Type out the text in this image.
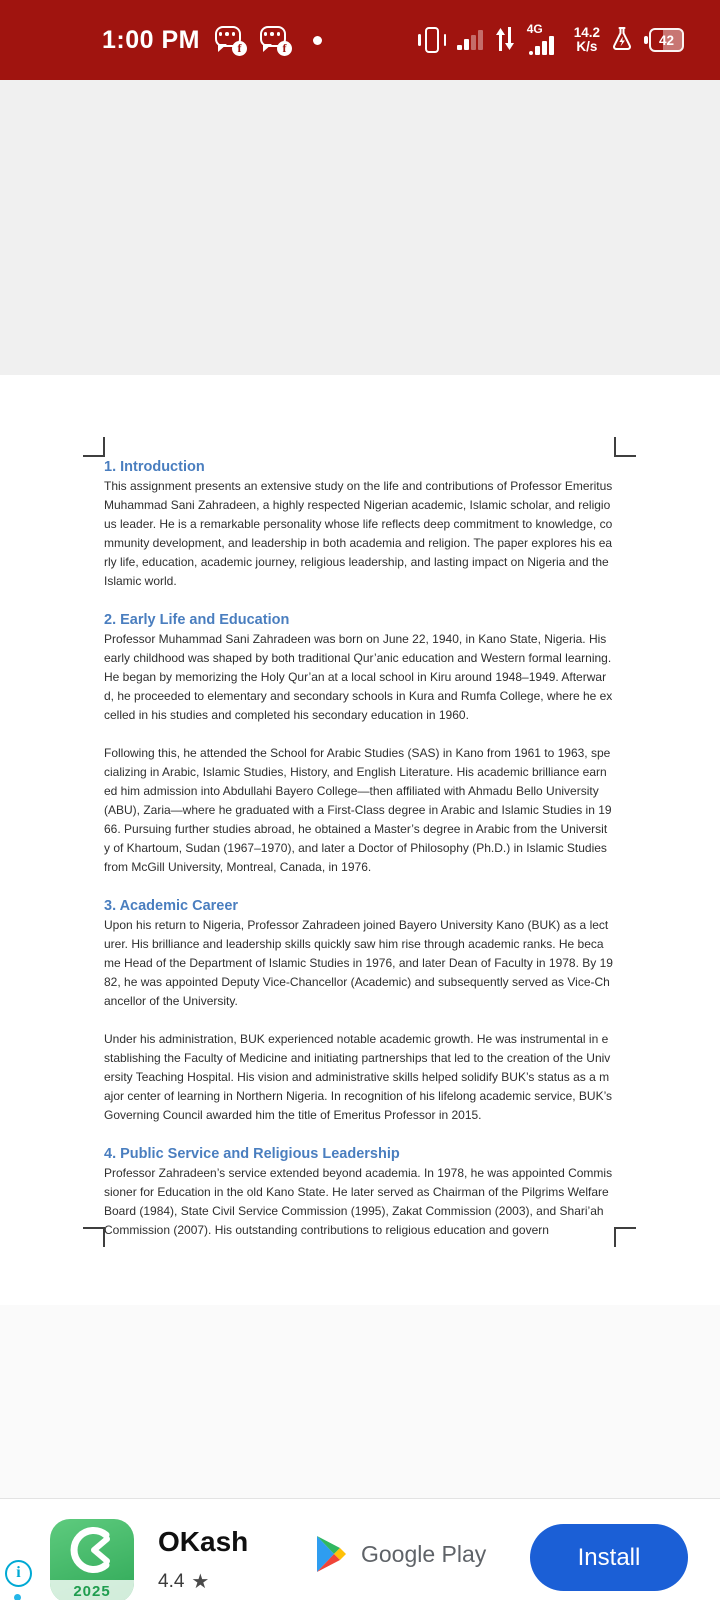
1:00 PM	f	f
4G 14.2
K/s	42
1. Introduction

This assignment presents an extensive study on the life and contributions of Professor Emeritus Muhammad Sani Zahradeen, a highly respected Nigerian academic, Islamic scholar, and religious leader. He is a remarkable personality whose life reflects deep commitment to knowledge, community development, and leadership in both academia and religion. The paper explores his early life, education, academic journey, religious leadership, and lasting impact on Nigeria and the Islamic world.

2. Early Life and Education

Professor Muhammad Sani Zahradeen was born on June 22, 1940, in Kano State, Nigeria. His early childhood was shaped by both traditional Qur’anic education and Western formal learning. He began by memorizing the Holy Qur’an at a local school in Kiru around 1948–1949. Afterward, he proceeded to elementary and secondary schools in Kura and Rumfa College, where he excelled in his studies and completed his secondary education in 1960.

Following this, he attended the School for Arabic Studies (SAS) in Kano from 1961 to 1963, specializing in Arabic, Islamic Studies, History, and English Literature. His academic brilliance earned him admission into Abdullahi Bayero College—then affiliated with Ahmadu Bello University (ABU), Zaria—where he graduated with a First-Class degree in Arabic and Islamic Studies in 1966. Pursuing further studies abroad, he obtained a Master’s degree in Arabic from the University of Khartoum, Sudan (1967–1970), and later a Doctor of Philosophy (Ph.D.) in Islamic Studies from McGill University, Montreal, Canada, in 1976.

3. Academic Career

Upon his return to Nigeria, Professor Zahradeen joined Bayero University Kano (BUK) as a lecturer. His brilliance and leadership skills quickly saw him rise through academic ranks. He became Head of the Department of Islamic Studies in 1976, and later Dean of Faculty in 1978. By 1982, he was appointed Deputy Vice-Chancellor (Academic) and subsequently served as Vice-Chancellor of the University.

Under his administration, BUK experienced notable academic growth. He was instrumental in establishing the Faculty of Medicine and initiating partnerships that led to the creation of the University Teaching Hospital. His vision and administrative skills helped solidify BUK’s status as a major center of learning in Northern Nigeria. In recognition of his lifelong academic service, BUK’s Governing Council awarded him the title of Emeritus Professor in 2015.

4. Public Service and Religious Leadership

Professor Zahradeen’s service extended beyond academia. In 1978, he was appointed Commissioner for Education in the old Kano State. He later served as Chairman of the Pilgrims Welfare Board (1984), State Civil Service Commission (1995), Zakat Commission (2003), and Shari’ah Commission (2007). His outstanding contributions to religious education and govern

i
2025
OKash
4.4 ★
Google Play	Install
